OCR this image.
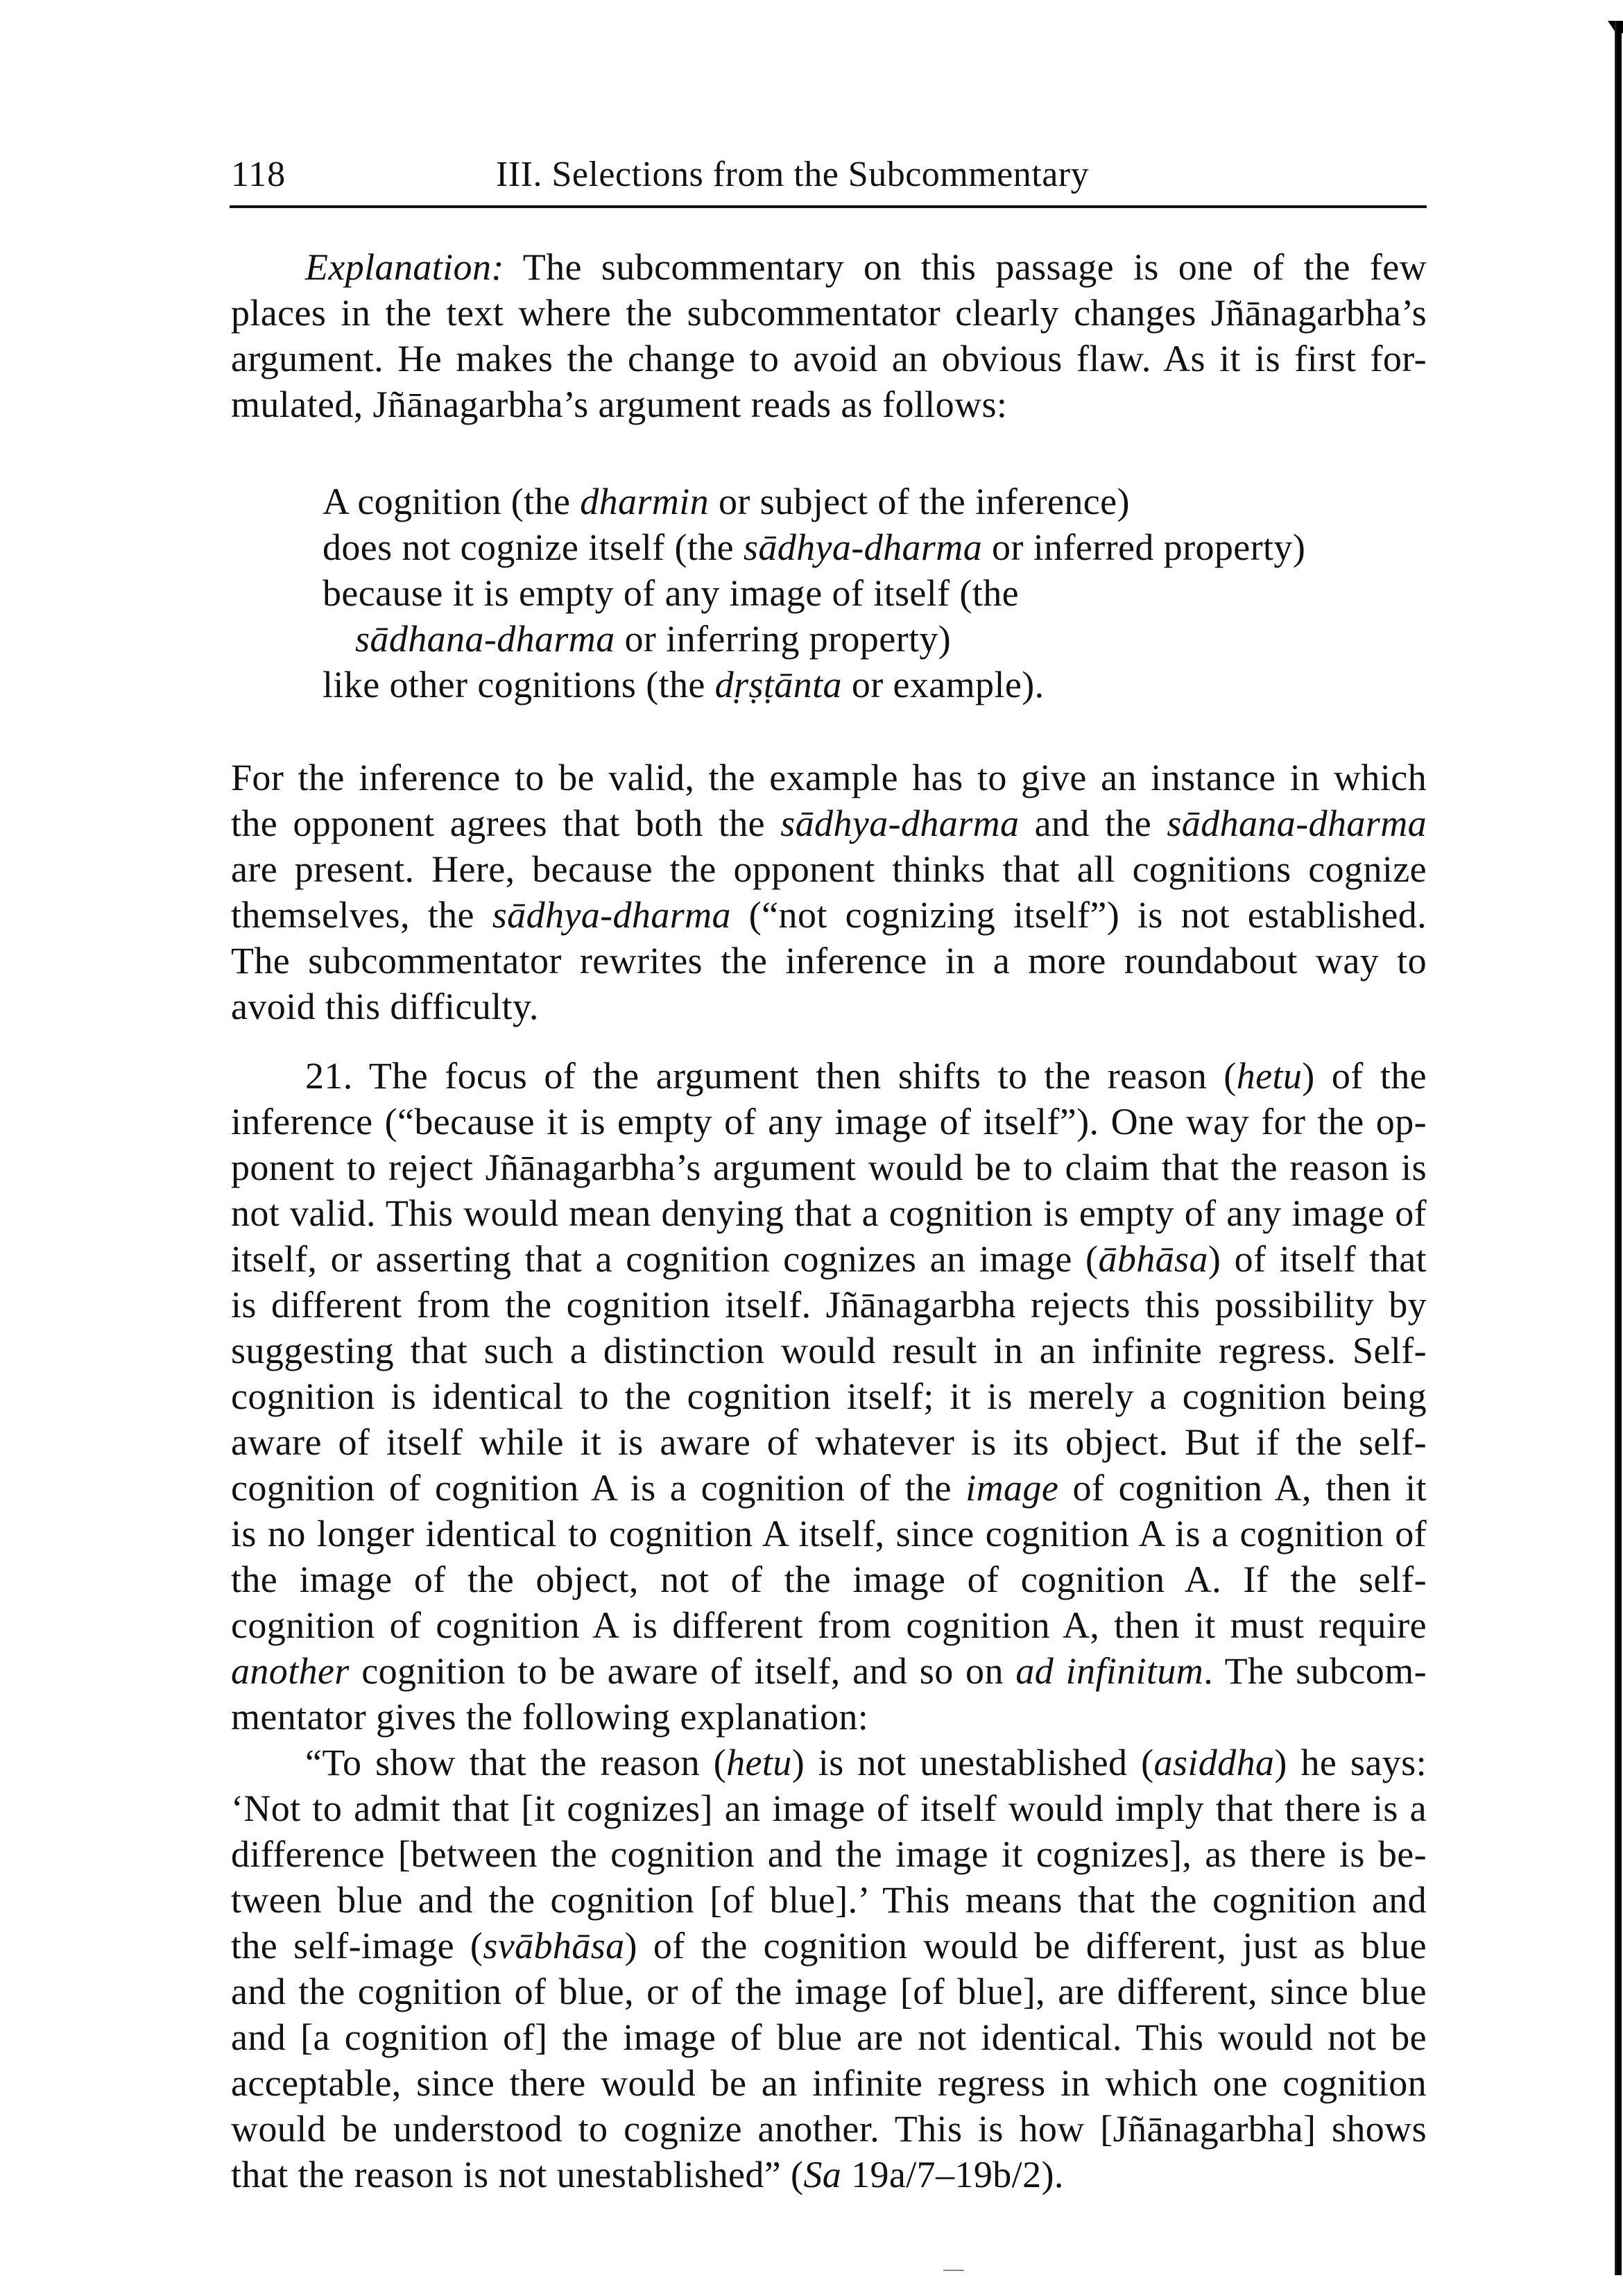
118	III. Selections from the Subcommentary
Explanation: The subcommentary on this passage is one of the few
places in the text where the subcommentator clearly changes Jñānagarbha’s
argument. He makes the change to avoid an obvious flaw. As it is first for-
mulated, Jñānagarbha’s argument reads as follows:
A cognition (the dharmin or subject of the inference)
does not cognize itself (the sādhya-dharma or inferred property)
because it is empty of any image of itself (the
sādhana-dharma or inferring property)
like other cognitions (the dṛṣṭānta or example).
For the inference to be valid, the example has to give an instance in which
the opponent agrees that both the sādhya-dharma and the sādhana-dharma
are present. Here, because the opponent thinks that all cognitions cognize
themselves, the sādhya-dharma (“not cognizing itself”) is not established.
The subcommentator rewrites the inference in a more roundabout way to
avoid this difficulty.
21. The focus of the argument then shifts to the reason (hetu) of the
inference (“because it is empty of any image of itself”). One way for the op-
ponent to reject Jñānagarbha’s argument would be to claim that the reason is
not valid. This would mean denying that a cognition is empty of any image of
itself, or asserting that a cognition cognizes an image (ābhāsa) of itself that
is different from the cognition itself. Jñānagarbha rejects this possibility by
suggesting that such a distinction would result in an infinite regress. Self-
cognition is identical to the cognition itself; it is merely a cognition being
aware of itself while it is aware of whatever is its object. But if the self-
cognition of cognition A is a cognition of the image of cognition A, then it
is no longer identical to cognition A itself, since cognition A is a cognition of
the image of the object, not of the image of cognition A. If the self-
cognition of cognition A is different from cognition A, then it must require
another cognition to be aware of itself, and so on ad infinitum. The subcom-
mentator gives the following explanation:
“To show that the reason (hetu) is not unestablished (asiddha) he says:
‘Not to admit that [it cognizes] an image of itself would imply that there is a
difference [between the cognition and the image it cognizes], as there is be-
tween blue and the cognition [of blue].’ This means that the cognition and
the self-image (svābhāsa) of the cognition would be different, just as blue
and the cognition of blue, or of the image [of blue], are different, since blue
and [a cognition of] the image of blue are not identical. This would not be
acceptable, since there would be an infinite regress in which one cognition
would be understood to cognize another. This is how [Jñānagarbha] shows
that the reason is not unestablished” (Sa 19a/7–19b/2).
